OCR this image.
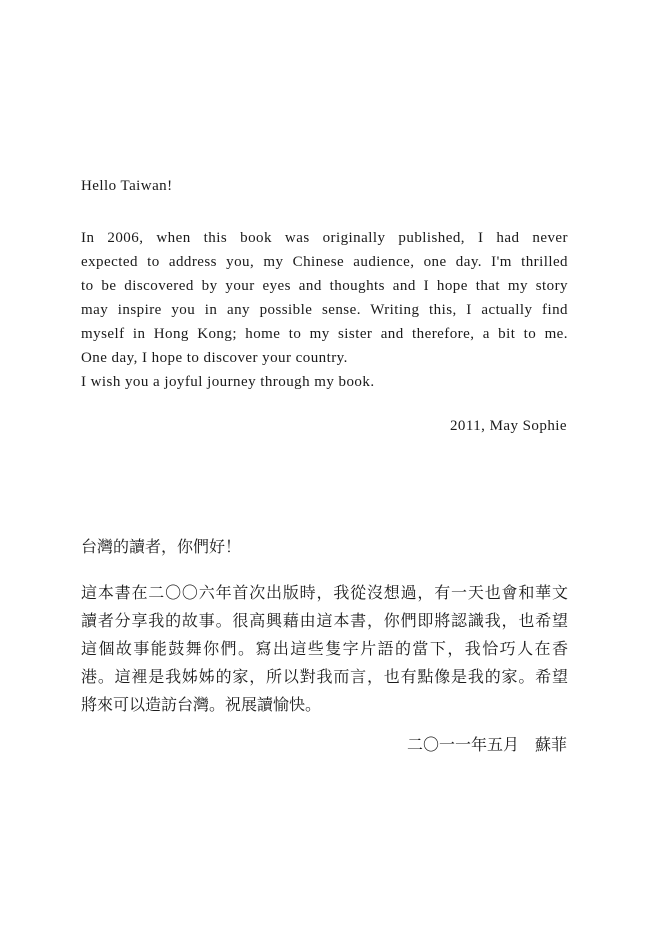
Hello Taiwan!

In 2006, when this book was originally published, I had never
expected to address you, my Chinese audience, one day. I'm thrilled
to be discovered by your eyes and thoughts and I hope that my story
may inspire you in any possible sense. Writing this, I actually find
myself in Hong Kong; home to my sister and therefore, a bit to me.
One day, I hope to discover your country.
I wish you a joyful journey through my book.

2011, May Sophie

台灣的讀者，你們好！

這本書在二〇〇六年首次出版時，我從沒想過，有一天也會和華文
讀者分享我的故事。很高興藉由這本書，你們即將認識我，也希望
這個故事能鼓舞你們。寫出這些隻字片語的當下，我恰巧人在香
港。這裡是我姊姊的家，所以對我而言，也有點像是我的家。希望
將來可以造訪台灣。祝展讀愉快。

二〇一一年五月　蘇菲
